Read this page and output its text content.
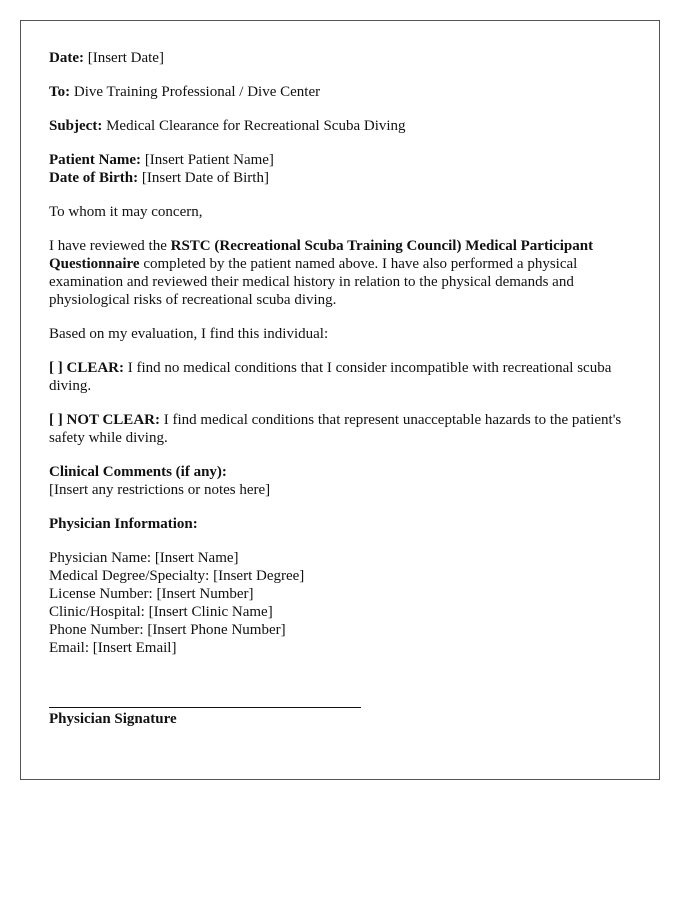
Date: [Insert Date]

To: Dive Training Professional / Dive Center

Subject: Medical Clearance for Recreational Scuba Diving

Patient Name: [Insert Patient Name]

Date of Birth: [Insert Date of Birth]

To whom it may concern,

I have reviewed the RSTC (Recreational Scuba Training Council) Medical Participant Questionnaire completed by the patient named above. I have also performed a physical examination and reviewed their medical history in relation to the physical demands and physiological risks of recreational scuba diving.

Based on my evaluation, I find this individual:

[ ] CLEAR: I find no medical conditions that I consider incompatible with recreational scuba diving.

[ ] NOT CLEAR: I find medical conditions that represent unacceptable hazards to the patient's safety while diving.

Clinical Comments (if any):

[Insert any restrictions or notes here]

Physician Information:

Physician Name: [Insert Name]

Medical Degree/Specialty: [Insert Degree]

License Number: [Insert Number]

Clinic/Hospital: [Insert Clinic Name]

Phone Number: [Insert Phone Number]

Email: [Insert Email]

Physician Signature
